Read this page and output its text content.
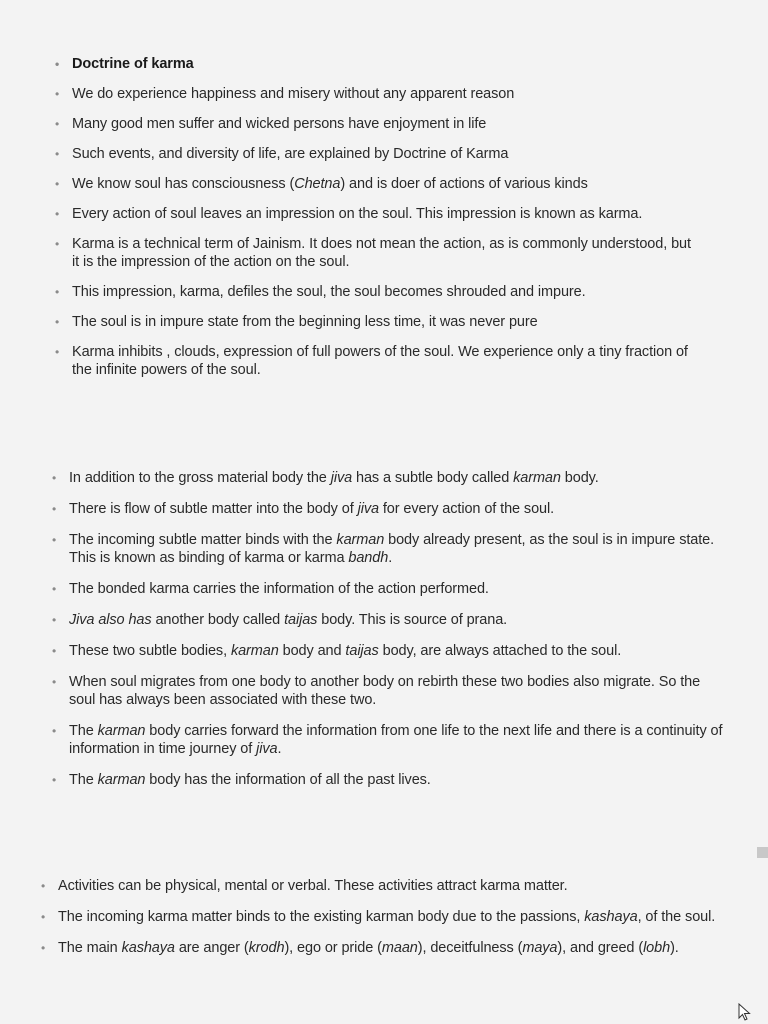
• Doctrine of karma
• We do experience happiness and misery without any apparent reason
• Many good men suffer and wicked persons have enjoyment in life
• Such events, and diversity of life, are explained by Doctrine of Karma
• We know soul has consciousness (Chetna) and is doer of actions of various kinds
• Every action of soul leaves an impression on the soul. This impression is known as karma.
• Karma is a technical term of Jainism. It does not mean the action, as is commonly understood, but it is the impression of the action on the soul.
• This impression, karma, defiles the soul, the soul becomes shrouded and impure.
• The soul is in impure state from the beginning less time, it was never pure
• Karma inhibits , clouds, expression of full powers of the soul. We experience only a tiny fraction of the infinite powers of the soul.
• In addition to the gross material body the jiva has a subtle body called karman body.
• There is flow of subtle matter into the body of jiva for every action of the soul.
• The incoming subtle matter binds with the karman body already present, as the soul is in impure state. This is known as binding of karma or karma bandh.
• The bonded karma carries the information of the action performed.
• Jiva also has another body called taijas body. This is source of prana.
• These two subtle bodies, karman body and taijas body, are always attached to the soul.
• When soul migrates from one body to another body on rebirth these two bodies also migrate. So the soul has always been associated with these two.
• The karman body carries forward the information from one life to the next life and there is a continuity of information in time journey of jiva.
• The karman body has the information of all the past lives.
• Activities can be physical, mental or verbal. These activities attract karma matter.
• The incoming karma matter binds to the existing karman body due to the passions, kashaya, of the soul.
• The main kashaya are anger (krodh), ego or pride (maan), deceitfulness (maya), and greed (lobh).
